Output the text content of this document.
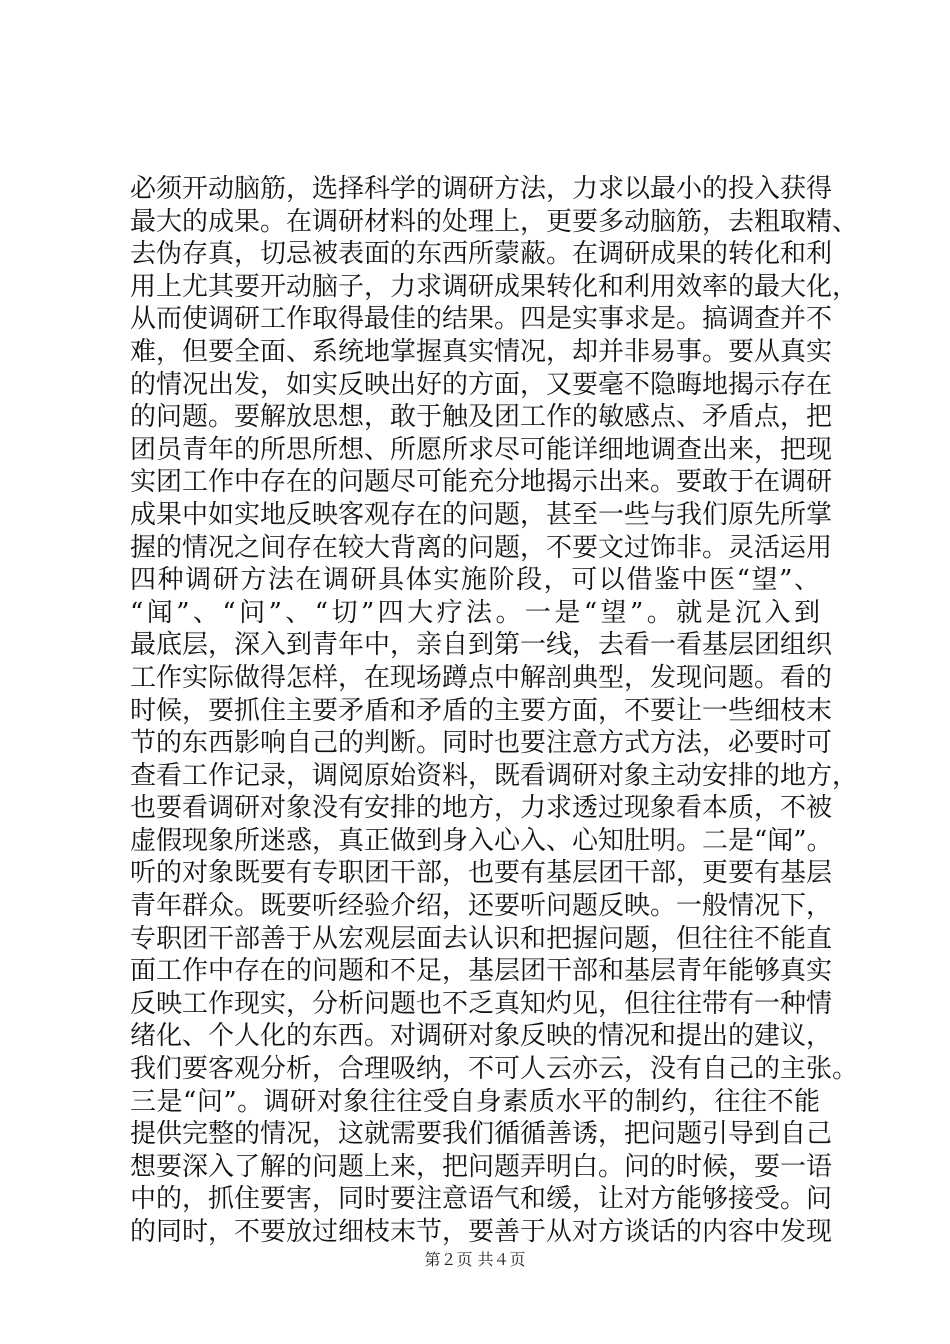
必须开动脑筋，选择科学的调研方法，力求以最小的投入获得
最大的成果。在调研材料的处理上，更要多动脑筋，去粗取精、
去伪存真，切忌被表面的东西所蒙蔽。在调研成果的转化和利
用上尤其要开动脑子，力求调研成果转化和利用效率的最大化，
从而使调研工作取得最佳的结果。四是实事求是。搞调查并不
难，但要全面、系统地掌握真实情况，却并非易事。要从真实
的情况出发，如实反映出好的方面，又要毫不隐晦地揭示存在
的问题。要解放思想，敢于触及团工作的敏感点、矛盾点，把
团员青年的所思所想、所愿所求尽可能详细地调查出来，把现
实团工作中存在的问题尽可能充分地揭示出来。要敢于在调研
成果中如实地反映客观存在的问题，甚至一些与我们原先所掌
握的情况之间存在较大背离的问题，不要文过饰非。灵活运用
四种调研方法在调研具体实施阶段，可以借鉴中医“望”、
“闻”、“问”、“切”四大疗法。一是“望”。就是沉入到
最底层，深入到青年中，亲自到第一线，去看一看基层团组织
工作实际做得怎样，在现场蹲点中解剖典型，发现问题。看的
时候，要抓住主要矛盾和矛盾的主要方面，不要让一些细枝末
节的东西影响自己的判断。同时也要注意方式方法，必要时可
查看工作记录，调阅原始资料，既看调研对象主动安排的地方，
也要看调研对象没有安排的地方，力求透过现象看本质，不被
虚假现象所迷惑，真正做到身入心入、心知肚明。二是“闻”。
听的对象既要有专职团干部，也要有基层团干部，更要有基层
青年群众。既要听经验介绍，还要听问题反映。一般情况下，
专职团干部善于从宏观层面去认识和把握问题，但往往不能直
面工作中存在的问题和不足，基层团干部和基层青年能够真实
反映工作现实，分析问题也不乏真知灼见，但往往带有一种情
绪化、个人化的东西。对调研对象反映的情况和提出的建议，
我们要客观分析，合理吸纳，不可人云亦云，没有自己的主张。
三是“问”。调研对象往往受自身素质水平的制约，往往不能
提供完整的情况，这就需要我们循循善诱，把问题引导到自己
想要深入了解的问题上来，把问题弄明白。问的时候，要一语
中的，抓住要害，同时要注意语气和缓，让对方能够接受。问
的同时，不要放过细枝末节，要善于从对方谈话的内容中发现
第２页 共４页
